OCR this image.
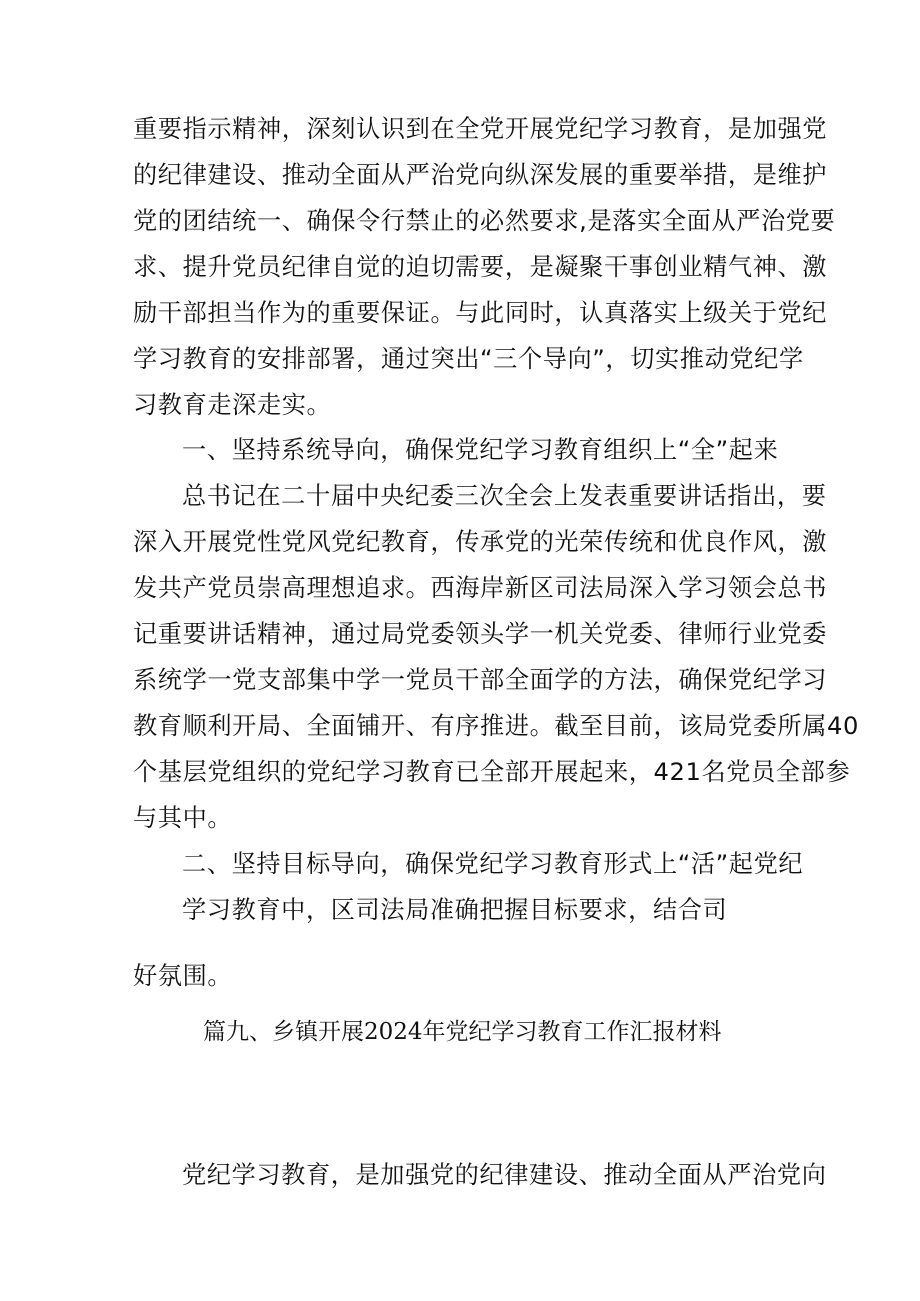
重要指示精神，深刻认识到在全党开展党纪学习教育，是加强党
的纪律建设、推动全面从严治党向纵深发展的重要举措，是维护
党的团结统一、确保令行禁止的必然要求,是落实全面从严治党要
求、提升党员纪律自觉的迫切需要，是凝聚干事创业精气神、激
励干部担当作为的重要保证。与此同时，认真落实上级关于党纪
学习教育的安排部署，通过突出“三个导向”，切实推动党纪学
习教育走深走实。
一、坚持系统导向，确保党纪学习教育组织上“全”起来
总书记在二十届中央纪委三次全会上发表重要讲话指出，要
深入开展党性党风党纪教育，传承党的光荣传统和优良作风，激
发共产党员崇高理想追求。西海岸新区司法局深入学习领会总书
记重要讲话精神，通过局党委领头学一机关党委、律师行业党委
系统学一党支部集中学一党员干部全面学的方法，确保党纪学习
教育顺利开局、全面铺开、有序推进。截至目前，该局党委所属40
个基层党组织的党纪学习教育已全部开展起来，421名党员全部参
与其中。
二、坚持目标导向，确保党纪学习教育形式上“活”起党纪
学习教育中，区司法局准确把握目标要求，结合司
好氛围。
篇九、乡镇开展2024年党纪学习教育工作汇报材料
党纪学习教育，是加强党的纪律建设、推动全面从严治党向
